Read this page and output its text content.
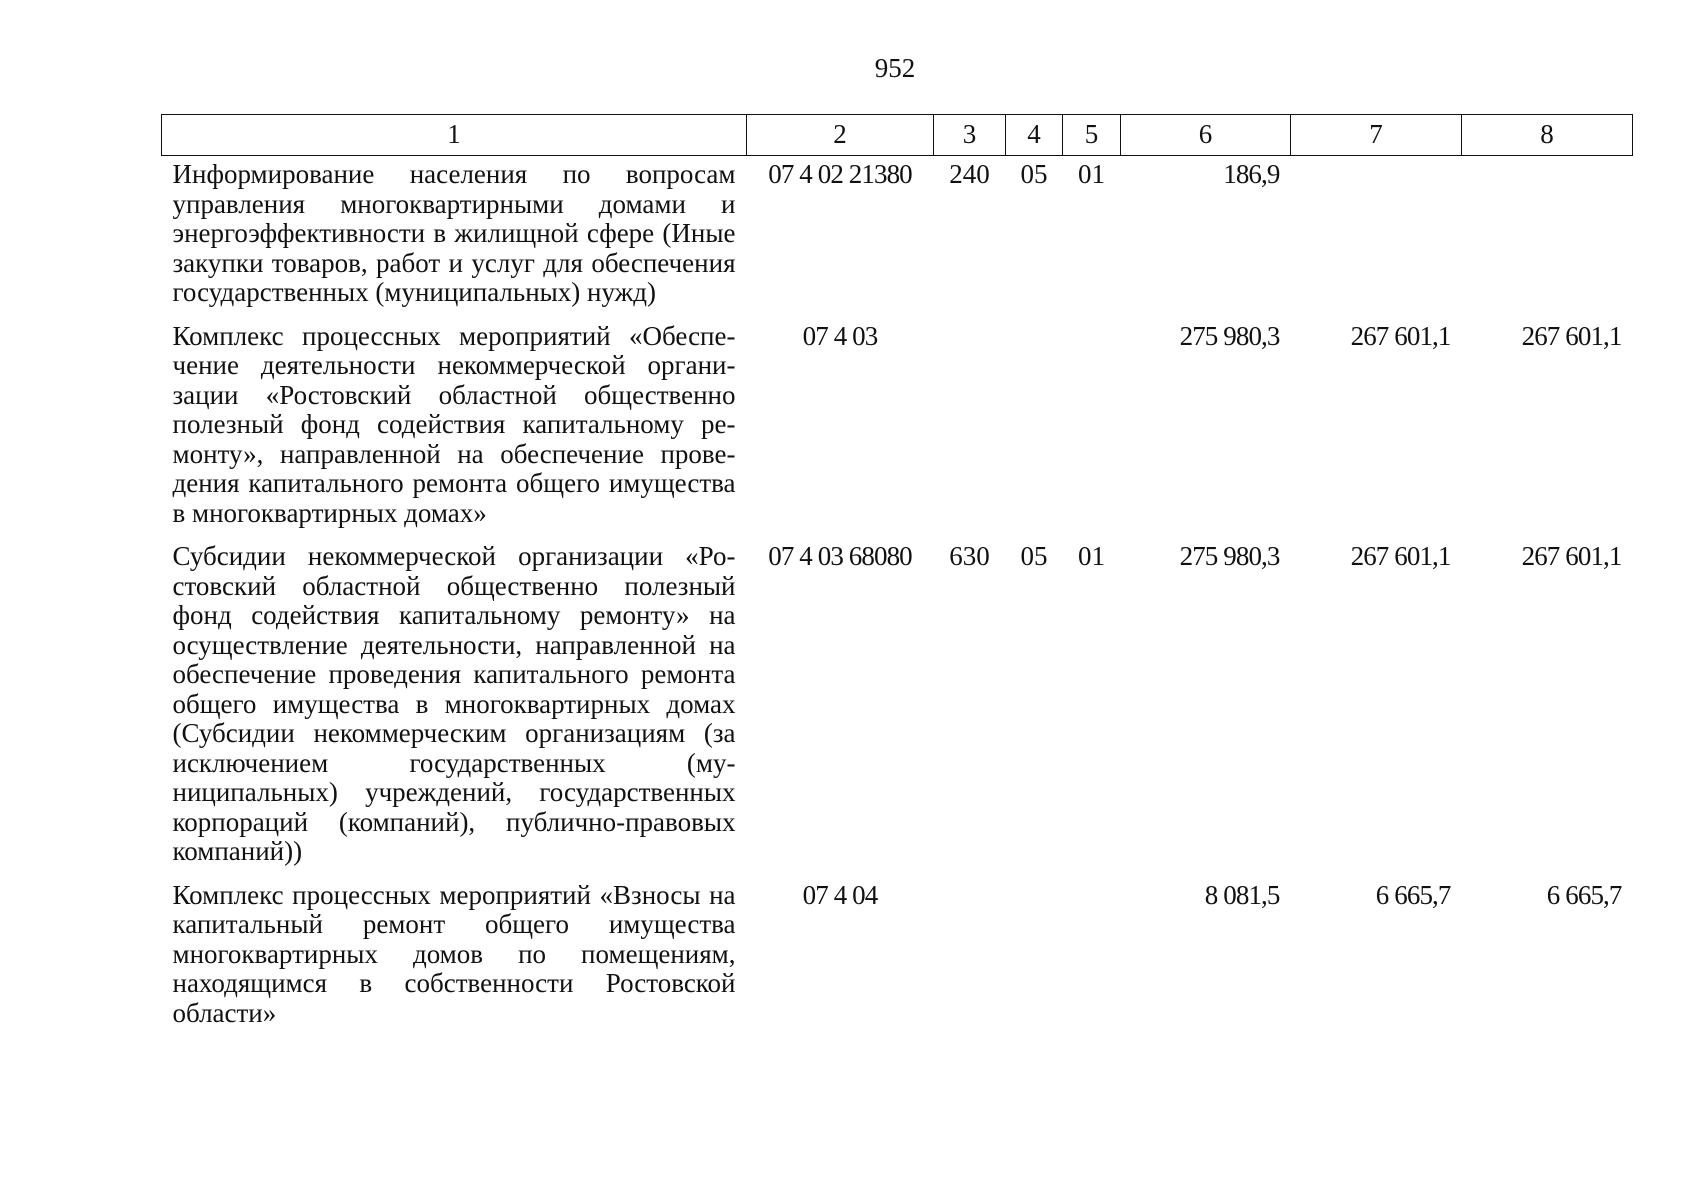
952
1	2	3	4	5	6	7	8
Информирование населения по вопросам управления многоквартирными домами и энергоэффективности в жилищной сфере (Иные закупки товаров, работ и услуг для обеспечения государственных (муниципальных) нужд)	07 4 02 21380	240	05	01	186,9		
Комплекс процессных мероприятий «Обеспечение деятельности некоммерческой организации «Ростовский областной общественно полезный фонд содействия капитальному ремонту», направленной на обеспечение проведения капитального ремонта общего имущества в многоквартирных домах»	07 4 03				275 980,3	267 601,1	267 601,1
Субсидии некоммерческой организации «Ростовский областной общественно полезный фонд содействия капитальному ремонту» на осуществление деятельности, направленной на обеспечение проведения капитального ремонта общего имущества в многоквартирных домах (Субсидии некоммерческим организациям (за исключением государственных (муниципальных) учреждений, государственных корпораций (компаний), публично-правовых компаний))	07 4 03 68080	630	05	01	275 980,3	267 601,1	267 601,1
Комплекс процессных мероприятий «Взносы на капитальный ремонт общего имущества многоквартирных домов по помещениям, находящимся в собственности Ростовской области»	07 4 04				8 081,5	6 665,7	6 665,7
